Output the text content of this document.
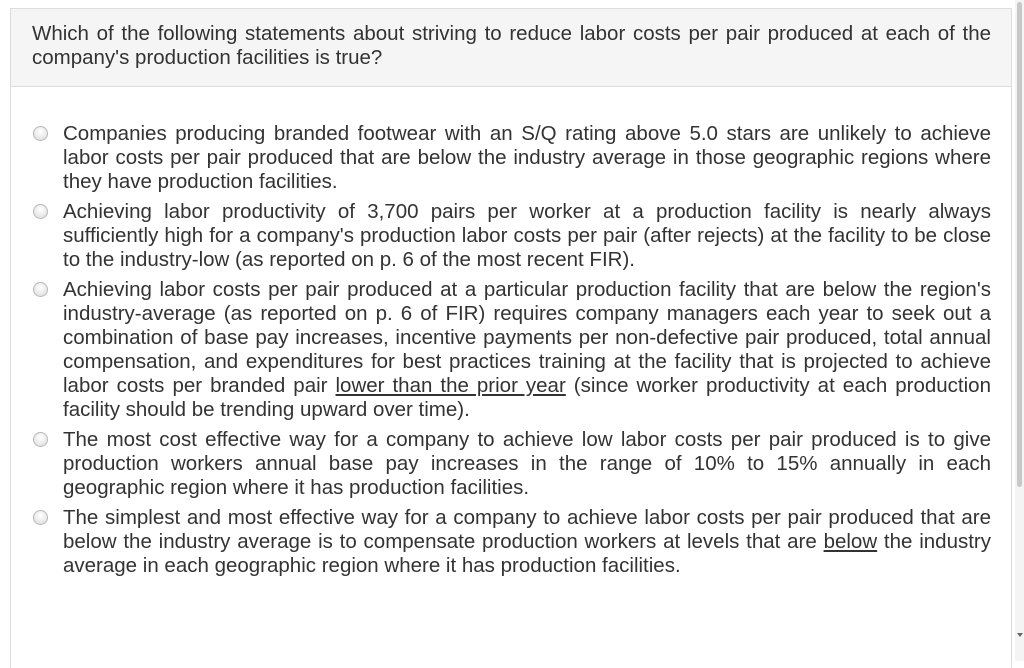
Which of the following statements about striving to reduce labor costs per pair produced at each of the company's production facilities is true?
Companies producing branded footwear with an S/Q rating above 5.0 stars are unlikely to achieve labor costs per pair produced that are below the industry average in those geographic regions where they have production facilities.
Achieving labor productivity of 3,700 pairs per worker at a production facility is nearly always sufficiently high for a company's production labor costs per pair (after rejects) at the facility to be close to the industry-low (as reported on p. 6 of the most recent FIR).
Achieving labor costs per pair produced at a particular production facility that are below the region's industry-average (as reported on p. 6 of FIR) requires company managers each year to seek out a combination of base pay increases, incentive payments per non-defective pair produced, total annual compensation, and expenditures for best practices training at the facility that is projected to achieve labor costs per branded pair lower than the prior year (since worker productivity at each production facility should be trending upward over time).
The most cost effective way for a company to achieve low labor costs per pair produced is to give production workers annual base pay increases in the range of 10% to 15% annually in each geographic region where it has production facilities.
The simplest and most effective way for a company to achieve labor costs per pair produced that are below the industry average is to compensate production workers at levels that are below the industry average in each geographic region where it has production facilities.
